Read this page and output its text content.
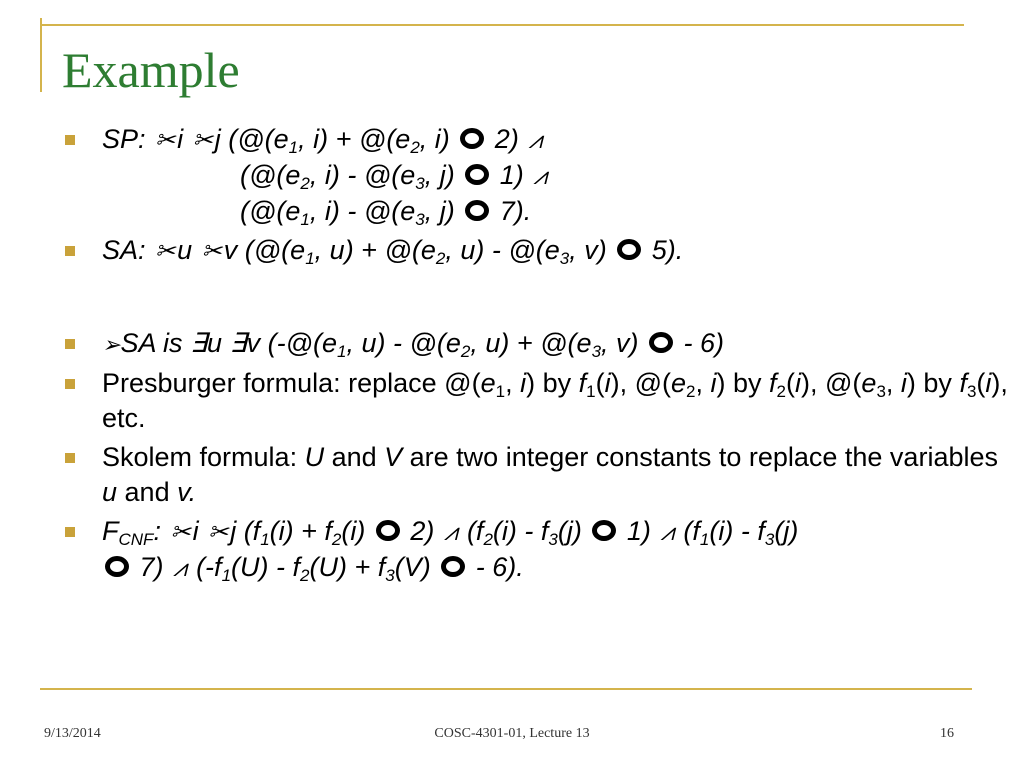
Example
SP: ✂i ✂j ($@(e_1$, $i) + @(e_2$, i)  2) ⩘
($@(e_2$, $i) - @(e_3$, j)  1) ⩘
($@(e_1$, $i) - @(e_3$, j)  7).
SA: ✂u ✂v ($@(e_1$, $u) + @(e_2$, $u) - @(e_3$, v)  5).
➢SA is ∃u ∃v ($-@(e_1$, $u) - @(e_2$, $u) + @(e_3$, v)  - 6)
Presburger formula: replace $@(e_1$, i) by $f_1(i)$, $@(e_2$, i) by $f_2(i)$, $@(e_3$, i) by $f_3(i)$, etc.
Skolem formula: U and V are two integer constants to replace the variables u and v.
$F_{CNF}$: ✂i ✂j ($f_1(i) + f_2(i)$  2) ⩘ ($f_2(i) - f_3(j)$  1) ⩘ ($f_1(i) - f_3(j)$
7) ⩘ $(-f_1(U) - f_2(U) + f_3(V) - 6)$.
9/13/2014	COSC-4301-01, Lecture 13	16
